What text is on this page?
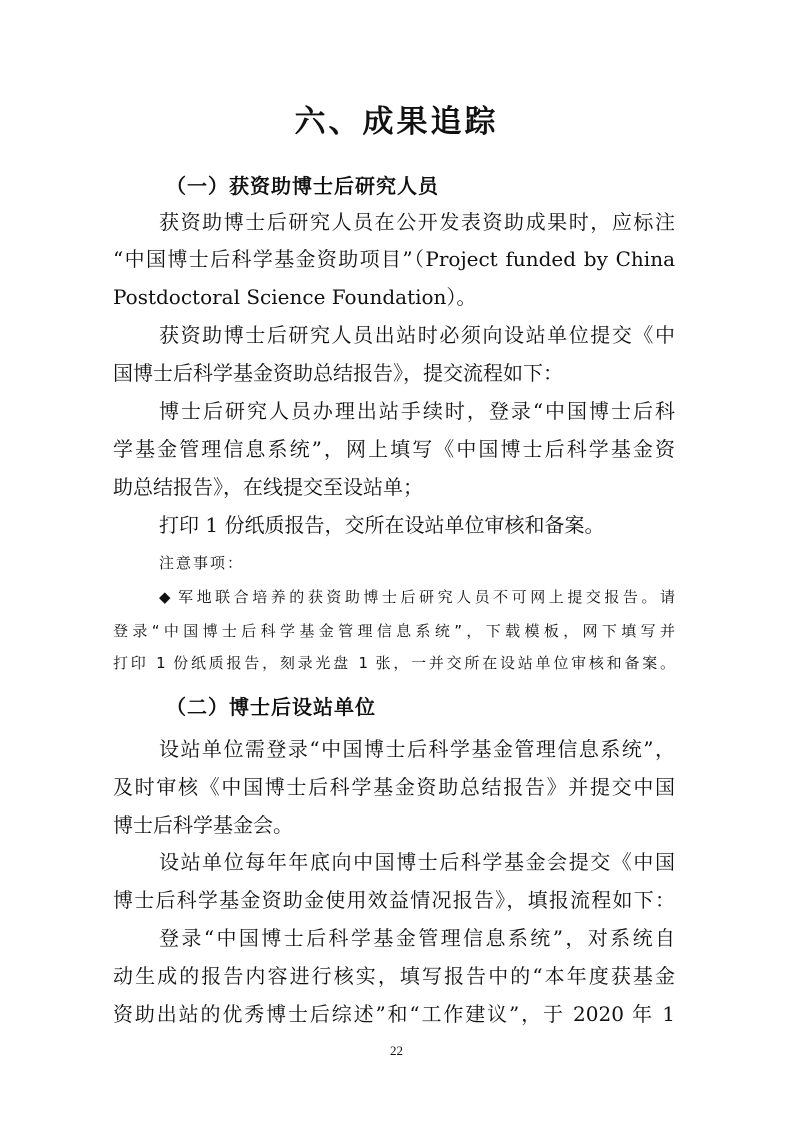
六、成果追踪
（一）获资助博士后研究人员
获资助博士后研究人员在公开发表资助成果时，应标注
“中国博士后科学基金资助项目”（Project funded by China
Postdoctoral Science Foundation）。
获资助博士后研究人员出站时必须向设站单位提交《中
国博士后科学基金资助总结报告》，提交流程如下：
博士后研究人员办理出站手续时，登录“中国博士后科
学基金管理信息系统”，网上填写《中国博士后科学基金资
助总结报告》，在线提交至设站单；
打印 1 份纸质报告，交所在设站单位审核和备案。
注意事项：
◆ 军地联合培养的获资助博士后研究人员不可网上提交报告。请
登录“中国博士后科学基金管理信息系统”，下载模板，网下填写并
打印 1 份纸质报告，刻录光盘 1 张，一并交所在设站单位审核和备案。
（二）博士后设站单位
设站单位需登录“中国博士后科学基金管理信息系统”，
及时审核《中国博士后科学基金资助总结报告》并提交中国
博士后科学基金会。
设站单位每年年底向中国博士后科学基金会提交《中国
博士后科学基金资助金使用效益情况报告》，填报流程如下：
登录“中国博士后科学基金管理信息系统”，对系统自
动生成的报告内容进行核实，填写报告中的“本年度获基金
资助出站的优秀博士后综述”和“工作建议”，于 2020 年 1
22
